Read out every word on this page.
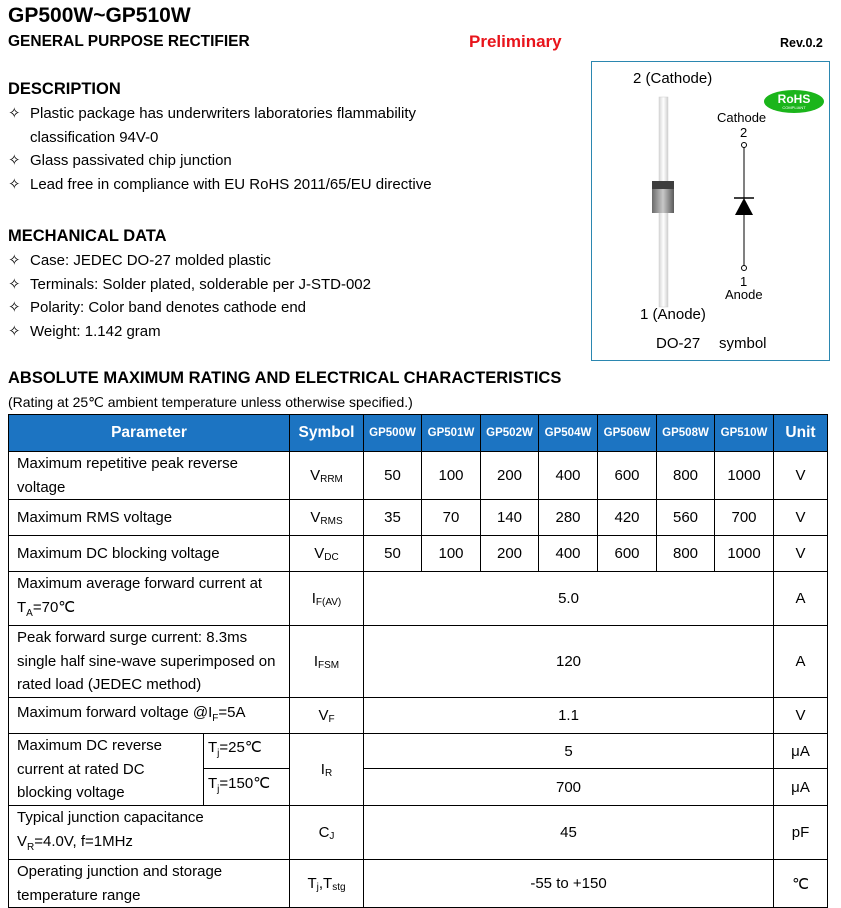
GP500W~GP510W
GENERAL PURPOSE RECTIFIER	Preliminary	Rev.0.2
DESCRIPTION
✧ Plastic package has underwriters laboratories flammability
classification 94V-0
✧ Glass passivated chip junction
✧ Lead free in compliance with EU RoHS 2011/65/EU directive
MECHANICAL DATA
✧ Case: JEDEC DO-27 molded plastic
✧ Terminals: Solder plated, solderable per J-STD-002
✧ Polarity: Color band denotes cathode end
✧ Weight: 1.142 gram
2 (Cathode)
1 (Anode)
DO-27 symbol
Cathode
2
1
Anode
RoHS
COMPLIANT
ABSOLUTE MAXIMUM RATING AND ELECTRICAL CHARACTERISTICS
(Rating at 25℃ ambient temperature unless otherwise specified.)
Parameter		Symbol	GP500W	GP501W	GP502W	GP504W	GP506W	GP508W	GP510W	Unit
Maximum repetitive peak reverse voltage		$V_{RRM}$	50	100	200	400	600	800	1000	V
Maximum RMS voltage		$V_{RMS}$	35	70	140	280	420	560	700	V
Maximum DC blocking voltage		$V_{DC}$	50	100	200	400	600	800	1000	V
Maximum average forward current at
$T_A=70℃$		$I_{F(AV)}$	5.0							A
Peak forward surge current: 8.3ms single half sine-wave superimposed on rated load (JEDEC method)		$I_{FSM}$	120							A
Maximum forward voltage $@I_F=5A$		$V_F$	1.1							V
Maximum DC reverse current at rated DC blocking voltage	$T_j=25℃$	$I_R$	5							μA
	$T_j=150℃$		700							μA
Typical junction capacitance
$V_R=4.0V$, f=1MHz		$C_J$	45							pF
Operating junction and storage temperature range		$T_j,T_{stg}$	-55 to +150							℃
